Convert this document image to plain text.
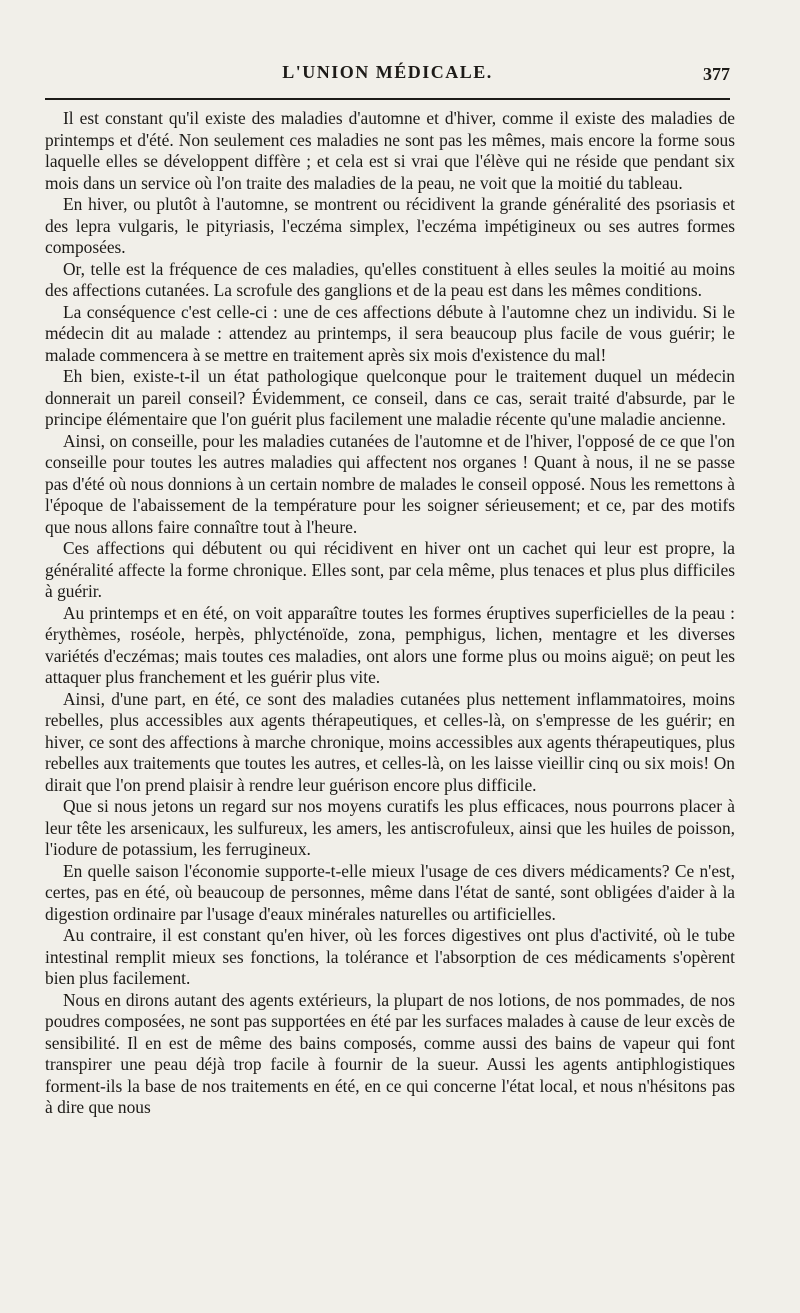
L'UNION MÉDICALE.	377

Il est constant qu'il existe des maladies d'automne et d'hiver, comme il existe des maladies de printemps et d'été. Non seulement ces maladies ne sont pas les mêmes, mais encore la forme sous laquelle elles se développent diffère ; et cela est si vrai que l'élève qui ne réside que pendant six mois dans un service où l'on traite des maladies de la peau, ne voit que la moitié du tableau.

En hiver, ou plutôt à l'automne, se montrent ou récidivent la grande généralité des psoriasis et des lepra vulgaris, le pityriasis, l'eczéma simplex, l'eczéma impétigineux ou ses autres formes composées.

Or, telle est la fréquence de ces maladies, qu'elles constituent à elles seules la moitié au moins des affections cutanées. La scrofule des ganglions et de la peau est dans les mêmes conditions.

La conséquence c'est celle-ci : une de ces affections débute à l'automne chez un individu. Si le médecin dit au malade : attendez au printemps, il sera beaucoup plus facile de vous guérir; le malade commencera à se mettre en traitement après six mois d'existence du mal!

Eh bien, existe-t-il un état pathologique quelconque pour le traitement duquel un médecin donnerait un pareil conseil? Évidemment, ce conseil, dans ce cas, serait traité d'absurde, par le principe élémentaire que l'on guérit plus facilement une maladie récente qu'une maladie ancienne.

Ainsi, on conseille, pour les maladies cutanées de l'automne et de l'hiver, l'opposé de ce que l'on conseille pour toutes les autres maladies qui affectent nos organes ! Quant à nous, il ne se passe pas d'été où nous donnions à un certain nombre de malades le conseil opposé. Nous les remettons à l'époque de l'abaissement de la température pour les soigner sérieusement; et ce, par des motifs que nous allons faire connaître tout à l'heure.

Ces affections qui débutent ou qui récidivent en hiver ont un cachet qui leur est propre, la généralité affecte la forme chronique. Elles sont, par cela même, plus tenaces et plus plus difficiles à guérir.

Au printemps et en été, on voit apparaître toutes les formes éruptives superficielles de la peau : érythèmes, roséole, herpès, phlycténoïde, zona, pemphigus, lichen, mentagre et les diverses variétés d'eczémas; mais toutes ces maladies, ont alors une forme plus ou moins aiguë; on peut les attaquer plus franchement et les guérir plus vite.

Ainsi, d'une part, en été, ce sont des maladies cutanées plus nettement inflammatoires, moins rebelles, plus accessibles aux agents thérapeutiques, et celles-là, on s'empresse de les guérir; en hiver, ce sont des affections à marche chronique, moins accessibles aux agents thérapeutiques, plus rebelles aux traitements que toutes les autres, et celles-là, on les laisse vieillir cinq ou six mois! On dirait que l'on prend plaisir à rendre leur guérison encore plus difficile.

Que si nous jetons un regard sur nos moyens curatifs les plus efficaces, nous pourrons placer à leur tête les arsenicaux, les sulfureux, les amers, les antiscrofuleux, ainsi que les huiles de poisson, l'iodure de potassium, les ferrugineux.

En quelle saison l'économie supporte-t-elle mieux l'usage de ces divers médicaments? Ce n'est, certes, pas en été, où beaucoup de personnes, même dans l'état de santé, sont obligées d'aider à la digestion ordinaire par l'usage d'eaux minérales naturelles ou artificielles.

Au contraire, il est constant qu'en hiver, où les forces digestives ont plus d'activité, où le tube intestinal remplit mieux ses fonctions, la tolérance et l'absorption de ces médicaments s'opèrent bien plus facilement.

Nous en dirons autant des agents extérieurs, la plupart de nos lotions, de nos pommades, de nos poudres composées, ne sont pas supportées en été par les surfaces malades à cause de leur excès de sensibilité. Il en est de même des bains composés, comme aussi des bains de vapeur qui font transpirer une peau déjà trop facile à fournir de la sueur. Aussi les agents antiphlogistiques forment-ils la base de nos traitements en été, en ce qui concerne l'état local, et nous n'hésitons pas à dire que nous
